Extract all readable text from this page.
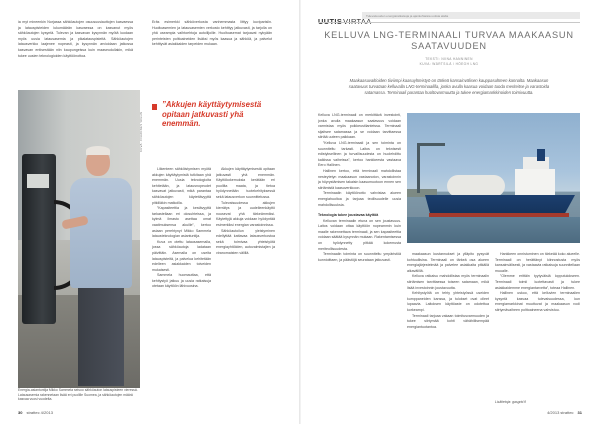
ia myt mineenkin Norjassa sähköautojen osuusuusiauttojen kasvaessa ja latauspisteiden lukumäärän kasvaessa on kasvanut myös sähköautojen kysyntä. Tulevan ja kasvavan kysynnän myötä luodaan myös uusia latausasemia ja pikalatauspisteitä. Sähköautojen latausverkko laajenee nopeasti, ja kysynnän arvioidaan jatkossa kasvavan entisestään niin kaupungeissa kuin maaseudullakin, mikä tukee uusien teknologioiden käyttöönottoa.

Eräs esimerkki sähköverkosta vanhemmasta liittyy kuviparisiin. Huoltoasemien ja latausasemien verkosto kehittyy jatkuvasti, ja tarjolla on yhä useampia vaihtoehtoja autoilijoille. Huoltoasemat tarjoavat nykyään perinteisten polttoaineiden lisäksi myös kaasua ja sähköä, ja palvelut kehittyvät asiakkaiden tarpeiden mukaan.

KUVA: JOHANNES WIEHN
Energia-asiantuntija Mikko Sammela seisoo sähköauton latauspisteen vieressä. Latausasemia rakennetaan lisää eri puolille Suomea, ja sähköautojen määrä kasvaa vuosi vuodelta.
”Akkujen käyttäytymisestä opitaan jatkuvasti yhä enemmän.

Liikenteen sähköistymisen myötä akkujen käyttäytymistä tutkitaan yhä enemmän. Uusia teknologioita kehitetään, ja latausnopeudet kasvavat jatkuvasti, mikä parantaa sähköautojen käytettävyyttä pitkilläkin matkoilla.

”Kapasiteettia ja kestävyyttä tarkastellaan eri olosuhteissa, ja kylmä ilmasto asettaa omat vaatimuksensa akuille”, kertoo asiaan perehtynyt Mikko Sammela latausteknologian asiantuntija.

Kuva on otettu latausasemalla, jossa sähköautoja ladataan päivittäin. Asemalla on useita latauspisteitä, ja palvelua kehitetään edelleen asiakkaiden toiveiden mukaisesti.

Sammela huomauttaa, että kehitystyö jatkuu ja uusia ratkaisuja otetaan käyttöön lähivuosina.

Akkujen käyttäytymisestä opitaan jatkuvasti yhä enemmän. Käyttökokemuksia kerätään eri puolilta maata, ja tietoa hyödynnetään tuotekehityksessä sekä latausverkon suunnittelussa.

Tulevaisuudessa akkujen kierrätys ja uudelleenkäyttö nousevat yhä tärkeämmiksi. Käytettyjä akkuja voidaan hyödyntää esimerkiksi energian varastoinnissa.

Sähköautoilun yleistyminen edellyttää kattavaa latausverkostoa sekä toimivaa yhteistyötä energiayhtiöiden, autovalmistajien ja viranomaisten välillä.

30 strattec 4/2013
Tulevaisuuden energiaratkaisuja ja ajankohtaisia uutisia alalta
KELLUVA LNG-TERMINAALI TURVAA MAAKAASUN SAATAVUUDEN
TEKSTI: NIINA HANNINEN
KUVA: WÄRTSILÄ / HÖEGH LNG
Maakaasuvaltioiden tiiviimpi kaasuyhteistyö on tärkeä kansainvälisen kauppasuhteen kannalta. Maakaasun saatavuus turvataan kelluvalla LNG-terminaalilla, jonka avulla kaasua voidaan tuoda meriteitse ja varastoida satamassa. Terminaali parantaa huoltovarmuutta ja tukee energiamarkkinoiden toimivuutta.

Kelluva LNG-terminaali on merkittävä investointi, jonka avulla maakaasun saatavuus voidaan varmistaa myös poikkeustilanteissa. Terminaali sijaitsee satamassa ja se voidaan tarvittaessa siirtää uuteen paikkaan.

”Kelluva LNG-terminaali ja sen toiminta on suunniteltu tarkasti. Laitos on teknisesti edistyksellinen ja turvallisuudesta on huolehdittu kaikissa vaiheissa”, kertoo hankkeesta vastaava Eero Hallinen.

Hallinen kertoo, että terminaali mahdollistaa nesteytetyn maakaasun vastaanoton, varastoinnin ja höyrystämisen takaisin kaasumuotoon ennen sen siirtämistä kaasuverkkoon.

Terminaalin käyttöönotto vahvistaa alueen energiahuoltoa ja tarjoaa teollisuudelle uusia mahdollisuuksia.

Teknologia tukee joustavaa käyttöä

Kelluvan terminaalin etuna on sen joustavuus. Laitos voidaan ottaa käyttöön nopeammin kuin maalle rakennettava terminaali, ja sen kapasiteettia voidaan säätää kysynnän mukaan. Rakentamisessa on hyödynnetty pitkää kokemusta meriteollisuudesta.

Terminaalin toiminta on suunniteltu ympäristöä kunnioittaen, ja päästöjä seurataan jatkuvasti.

maakaasun kustannukset ja ylläpito pysyvät kohtuullisina. Terminaali on tärkeä osa alueen energiajärjestelmää ja palvelee asiakkaita pitkällä aikavälillä.

Kelluva ratkaisu mahdollistaa myös terminaalin siirtämisen tarvittaessa toiseen satamaan, mikä lisää investoinnin joustavuutta.

Kehitystyötä on tehty yhteistyössä useiden kumppaneiden kanssa, ja tulokset ovat olleet lupaavia. Laitoksen käyttöaste on odotettua korkeampi.

Terminaali tarjoaa vakaan toimitusvarmuuden ja tukee siirtymää kohti vähähiilisempää energiantuotantoa.

Hankkeen onnistuminen on tärkeää koko alueelle. Terminaali on herättänyt kiinnostusta myös kansainvälisesti, ja vastaavia ratkaisuja suunnitellaan muualle.

”Olemme erittäin tyytyväisiä lopputulokseen. Terminaali toimii luotettavasti ja tukee asiakkaidemme energiantarvetta”, toteaa Hallinen.

Hallinen uskoo, että kelluvien terminaalien kysyntä kasvaa tulevaisuudessa, kun energiamarkkinat muuttuvat ja maakaasun rooli siirtymävaiheen polttoaineena vahvistuu.

Lisätietoja: gasgrid.fi
4/2013 strattec 31
